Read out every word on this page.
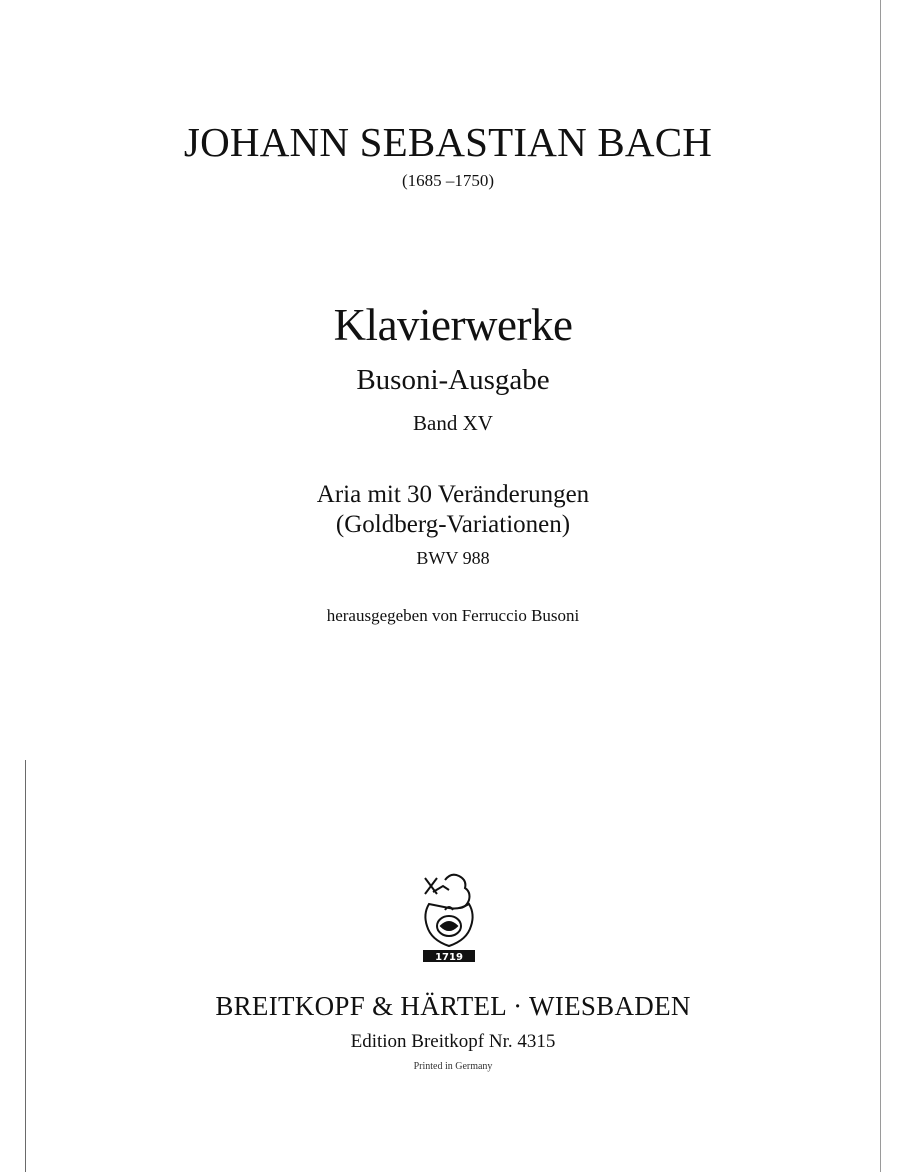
JOHANN SEBASTIAN BACH
(1685 –1750)
Klavierwerke
Busoni-Ausgabe
Band XV
Aria mit 30 Veränderungen
(Goldberg-Variationen)
BWV 988
herausgegeben von Ferruccio Busoni
1719
BREITKOPF & HÄRTEL · WIESBADEN
Edition Breitkopf Nr. 4315
Printed in Germany
